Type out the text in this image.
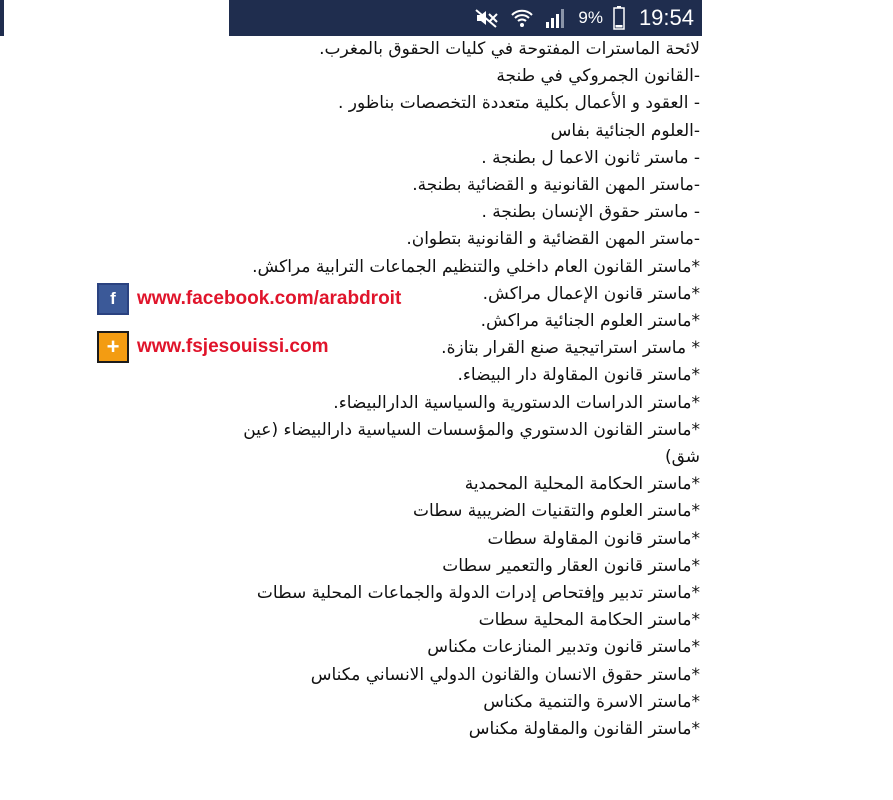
9% 19:54

لائحة الماسترات المفتوحة في كليات الحقوق بالمغرب.

-القانون الجمروكي في طنجة

- العقود و الأعمال بكلية متعددة التخصصات بناظور .

-العلوم الجنائية بفاس

- ماستر ثانون الاعما ل بطنجة .

-ماستر المهن القانونية و القضائية بطنجة.

- ماستر حقوق الإنسان بطنجة .

-ماستر المهن القضائية و القانونية بتطوان.

*ماستر القانون العام داخلي والتنظيم الجماعات الترابية مراكش.

*ماستر قانون الإعمال مراكش.

*ماستر العلوم الجنائية مراكش.

* ماستر استراتيجية صنع القرار بتازة.

*ماستر قانون المقاولة دار البيضاء.

*ماستر الدراسات الدستورية والسياسية الدارالبيضاء.

*ماستر القانون الدستوري والمؤسسات السياسية دارالبيضاء (عين شق)

*ماستر الحكامة المحلية المحمدية

*ماستر العلوم والتقنيات الضريبية سطات

*ماستر قانون المقاولة سطات

*ماستر قانون العقار والتعمير سطات

*ماستر تدبير وإفتحاص إدرات الدولة والجماعات المحلية سطات

*ماستر الحكامة المحلية سطات

*ماستر قانون وتدبير المنازعات مكناس

*ماستر حقوق الانسان والقانون الدولي الانساني مكناس

*ماستر الاسرة والتنمية مكناس

*ماستر القانون والمقاولة مكناس

f	www.facebook.com/arabdroit
+ www.fsjesouissi.com
